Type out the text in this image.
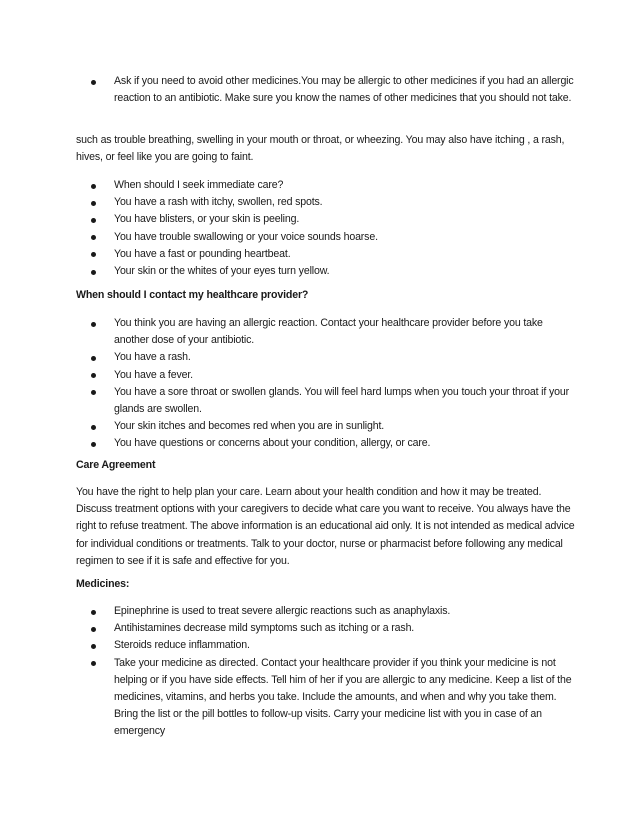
Ask if you need to avoid other medicines.You may be allergic to other medicines if you had an allergic reaction to an antibiotic. Make sure you know the names of other medicines that you should not take.

such as trouble breathing, swelling in your mouth or throat, or wheezing. You may also have itching , a rash, hives, or feel like you are going to faint.

When should I seek immediate care?
You have a rash with itchy, swollen, red spots.
You have blisters, or your skin is peeling.
You have trouble swallowing or your voice sounds hoarse.
You have a fast or pounding heartbeat.
Your skin or the whites of your eyes turn yellow.

When should I contact my healthcare provider?

You think you are having an allergic reaction. Contact your healthcare provider before you take another dose of your antibiotic.
You have a rash.
You have a fever.
You have a sore throat or swollen glands. You will feel hard lumps when you touch your throat if your glands are swollen.
Your skin itches and becomes red when you are in sunlight.
You have questions or concerns about your condition, allergy, or care.

Care Agreement

You have the right to help plan your care. Learn about your health condition and how it may be treated. Discuss treatment options with your caregivers to decide what care you want to receive. You always have the right to refuse treatment. The above information is an educational aid only. It is not intended as medical advice for individual conditions or treatments. Talk to your doctor, nurse or pharmacist before following any medical regimen to see if it is safe and effective for you.

Medicines:

Epinephrine is used to treat severe allergic reactions such as anaphylaxis.
Antihistamines decrease mild symptoms such as itching or a rash.
Steroids reduce inflammation.
Take your medicine as directed. Contact your healthcare provider if you think your medicine is not helping or if you have side effects. Tell him of her if you are allergic to any medicine. Keep a list of the medicines, vitamins, and herbs you take. Include the amounts, and when and why you take them. Bring the list or the pill bottles to follow-up visits. Carry your medicine list with you in case of an emergency
